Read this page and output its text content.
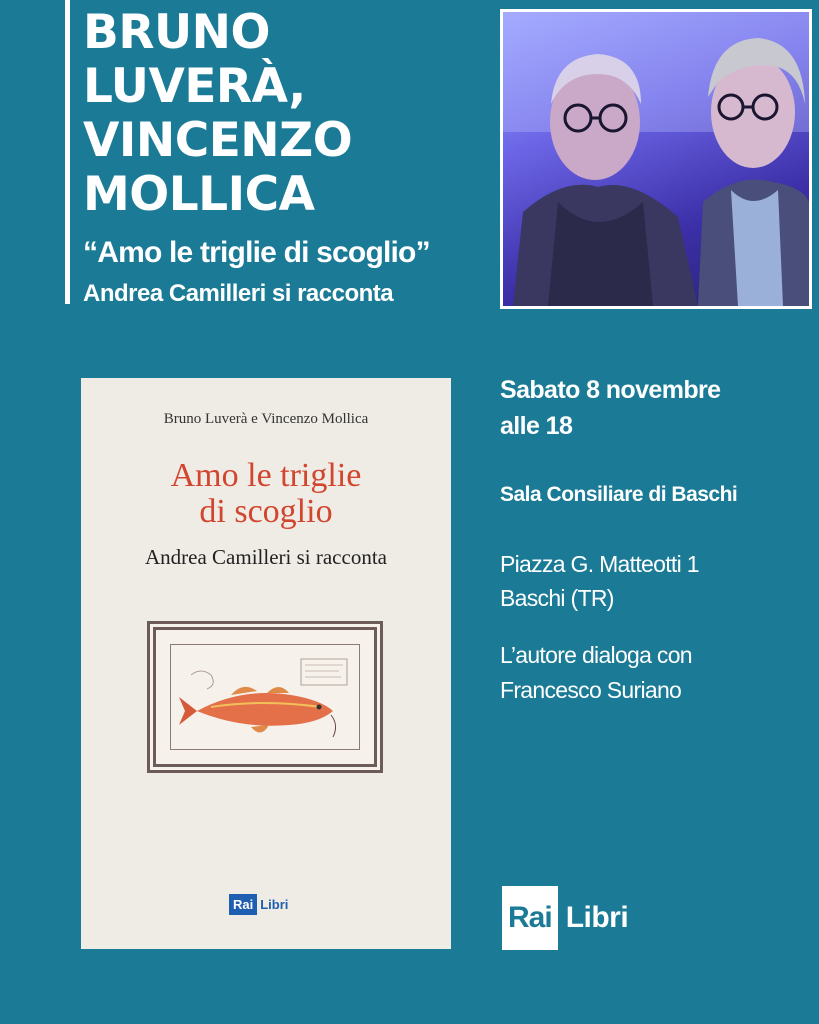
BRUNO
LUVERÀ,
VINCENZO
MOLLICA
“Amo le triglie di scoglio”
Andrea Camilleri si racconta
Bruno Luverà e Vincenzo Mollica
Amo le triglie
di scoglio
Andrea Camilleri si racconta
Rai Libri
Sabato 8 novembre
alle 18
Sala Consiliare di Baschi
Piazza G. Matteotti 1
Baschi (TR)
L’autore dialoga con
Francesco Suriano
Rai Libri
